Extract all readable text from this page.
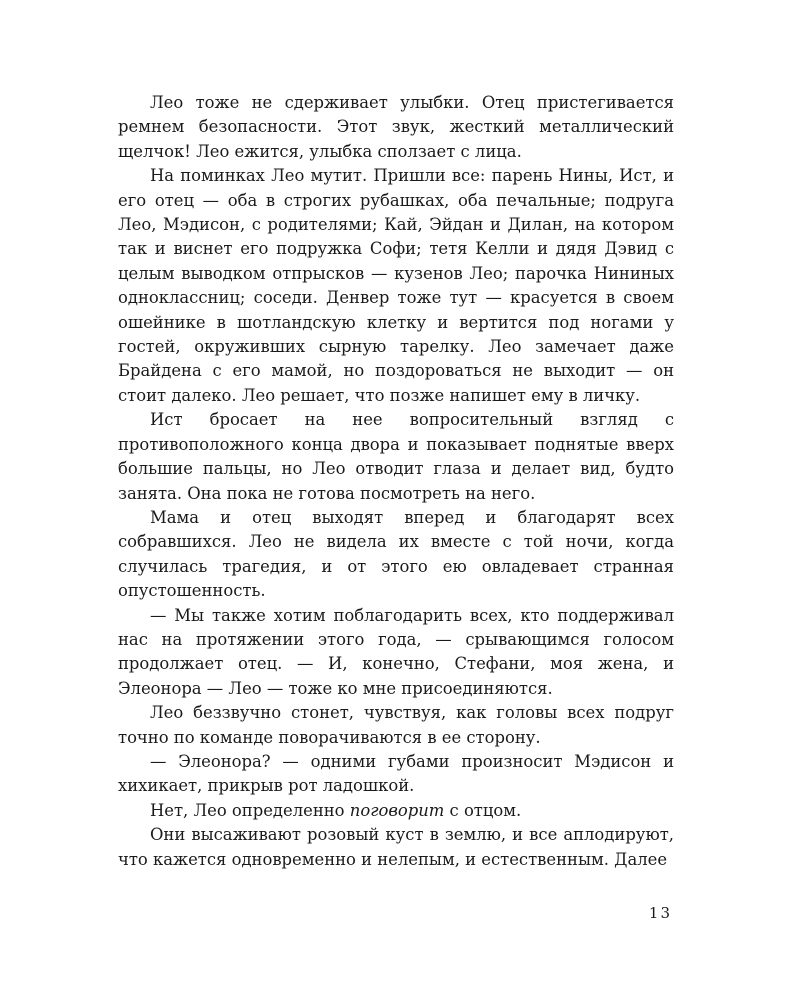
Лео тоже не сдерживает улыбки. Отец пристегивается ремнем безопасности. Этот звук, жесткий металлический щелчок! Лео ежится, улыбка сползает с лица.

На поминках Лео мутит. Пришли все: парень Нины, Ист, и его отец — оба в строгих рубашках, оба печальные; подруга Лео, Мэдисон, с родителями; Кай, Эйдан и Дилан, на котором так и виснет его подружка Софи; тетя Келли и дядя Дэвид с целым выводком отпрысков — кузенов Лео; парочка Нининых одноклассниц; соседи. Денвер тоже тут — красуется в своем ошейнике в шотландскую клетку и вертится под ногами у гостей, окруживших сырную тарелку. Лео замечает даже Брайдена с его мамой, но поздороваться не выходит — он стоит далеко. Лео решает, что позже напишет ему в личку.

Ист бросает на нее вопросительный взгляд с противоположного конца двора и показывает поднятые вверх большие пальцы, но Лео отводит глаза и делает вид, будто занята. Она пока не готова посмотреть на него.

Мама и отец выходят вперед и благодарят всех собравшихся. Лео не видела их вместе с той ночи, когда случилась трагедия, и от этого ею овладевает странная опустошенность.

— Мы также хотим поблагодарить всех, кто поддерживал нас на протяжении этого года, — срывающимся голосом продолжает отец. — И, конечно, Стефани, моя жена, и Элеонора — Лео — тоже ко мне присоединяются.

Лео беззвучно стонет, чувствуя, как головы всех подруг точно по команде поворачиваются в ее сторону.

— Элеонора? — одними губами произносит Мэдисон и хихикает, прикрыв рот ладошкой.

Нет, Лео определенно поговорит с отцом.

Они высаживают розовый куст в землю, и все аплодируют, что кажется одновременно и нелепым, и естественным. Далее

13
